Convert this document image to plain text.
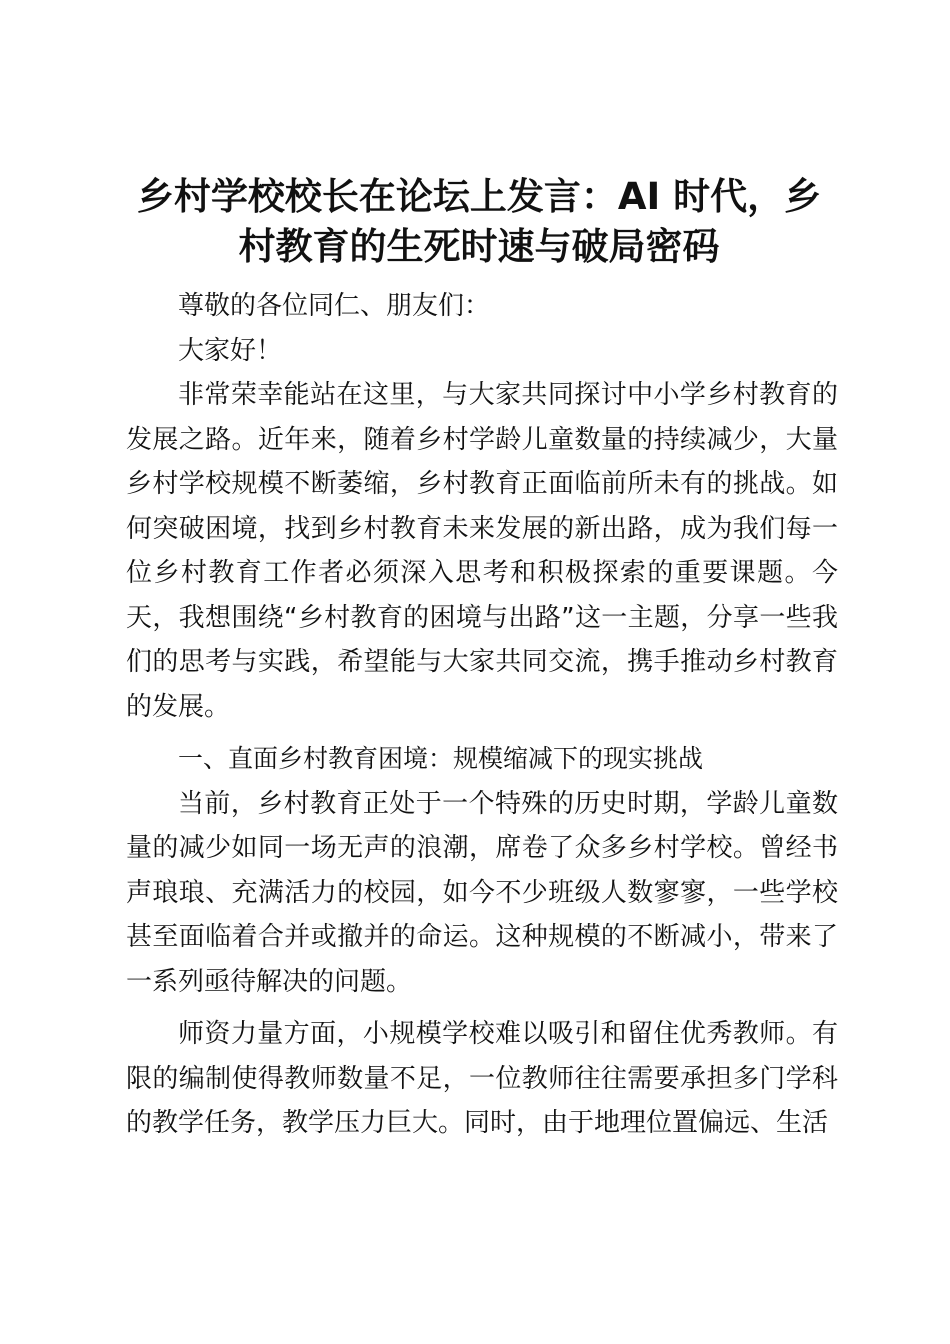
乡村学校校长在论坛上发言：AI 时代，乡村教育的生死时速与破局密码

尊敬的各位同仁、朋友们：

大家好！

非常荣幸能站在这里，与大家共同探讨中小学乡村教育的发展之路。近年来，随着乡村学龄儿童数量的持续减少，大量乡村学校规模不断萎缩，乡村教育正面临前所未有的挑战。如何突破困境，找到乡村教育未来发展的新出路，成为我们每一位乡村教育工作者必须深入思考和积极探索的重要课题。今天，我想围绕“乡村教育的困境与出路”这一主题，分享一些我们的思考与实践，希望能与大家共同交流，携手推动乡村教育的发展。

一、直面乡村教育困境：规模缩减下的现实挑战

当前，乡村教育正处于一个特殊的历史时期，学龄儿童数量的减少如同一场无声的浪潮，席卷了众多乡村学校。曾经书声琅琅、充满活力的校园，如今不少班级人数寥寥，一些学校甚至面临着合并或撤并的命运。这种规模的不断减小，带来了一系列亟待解决的问题。

师资力量方面，小规模学校难以吸引和留住优秀教师。有限的编制使得教师数量不足，一位教师往往需要承担多门学科的教学任务，教学压力巨大。同时，由于地理位置偏远、生活
